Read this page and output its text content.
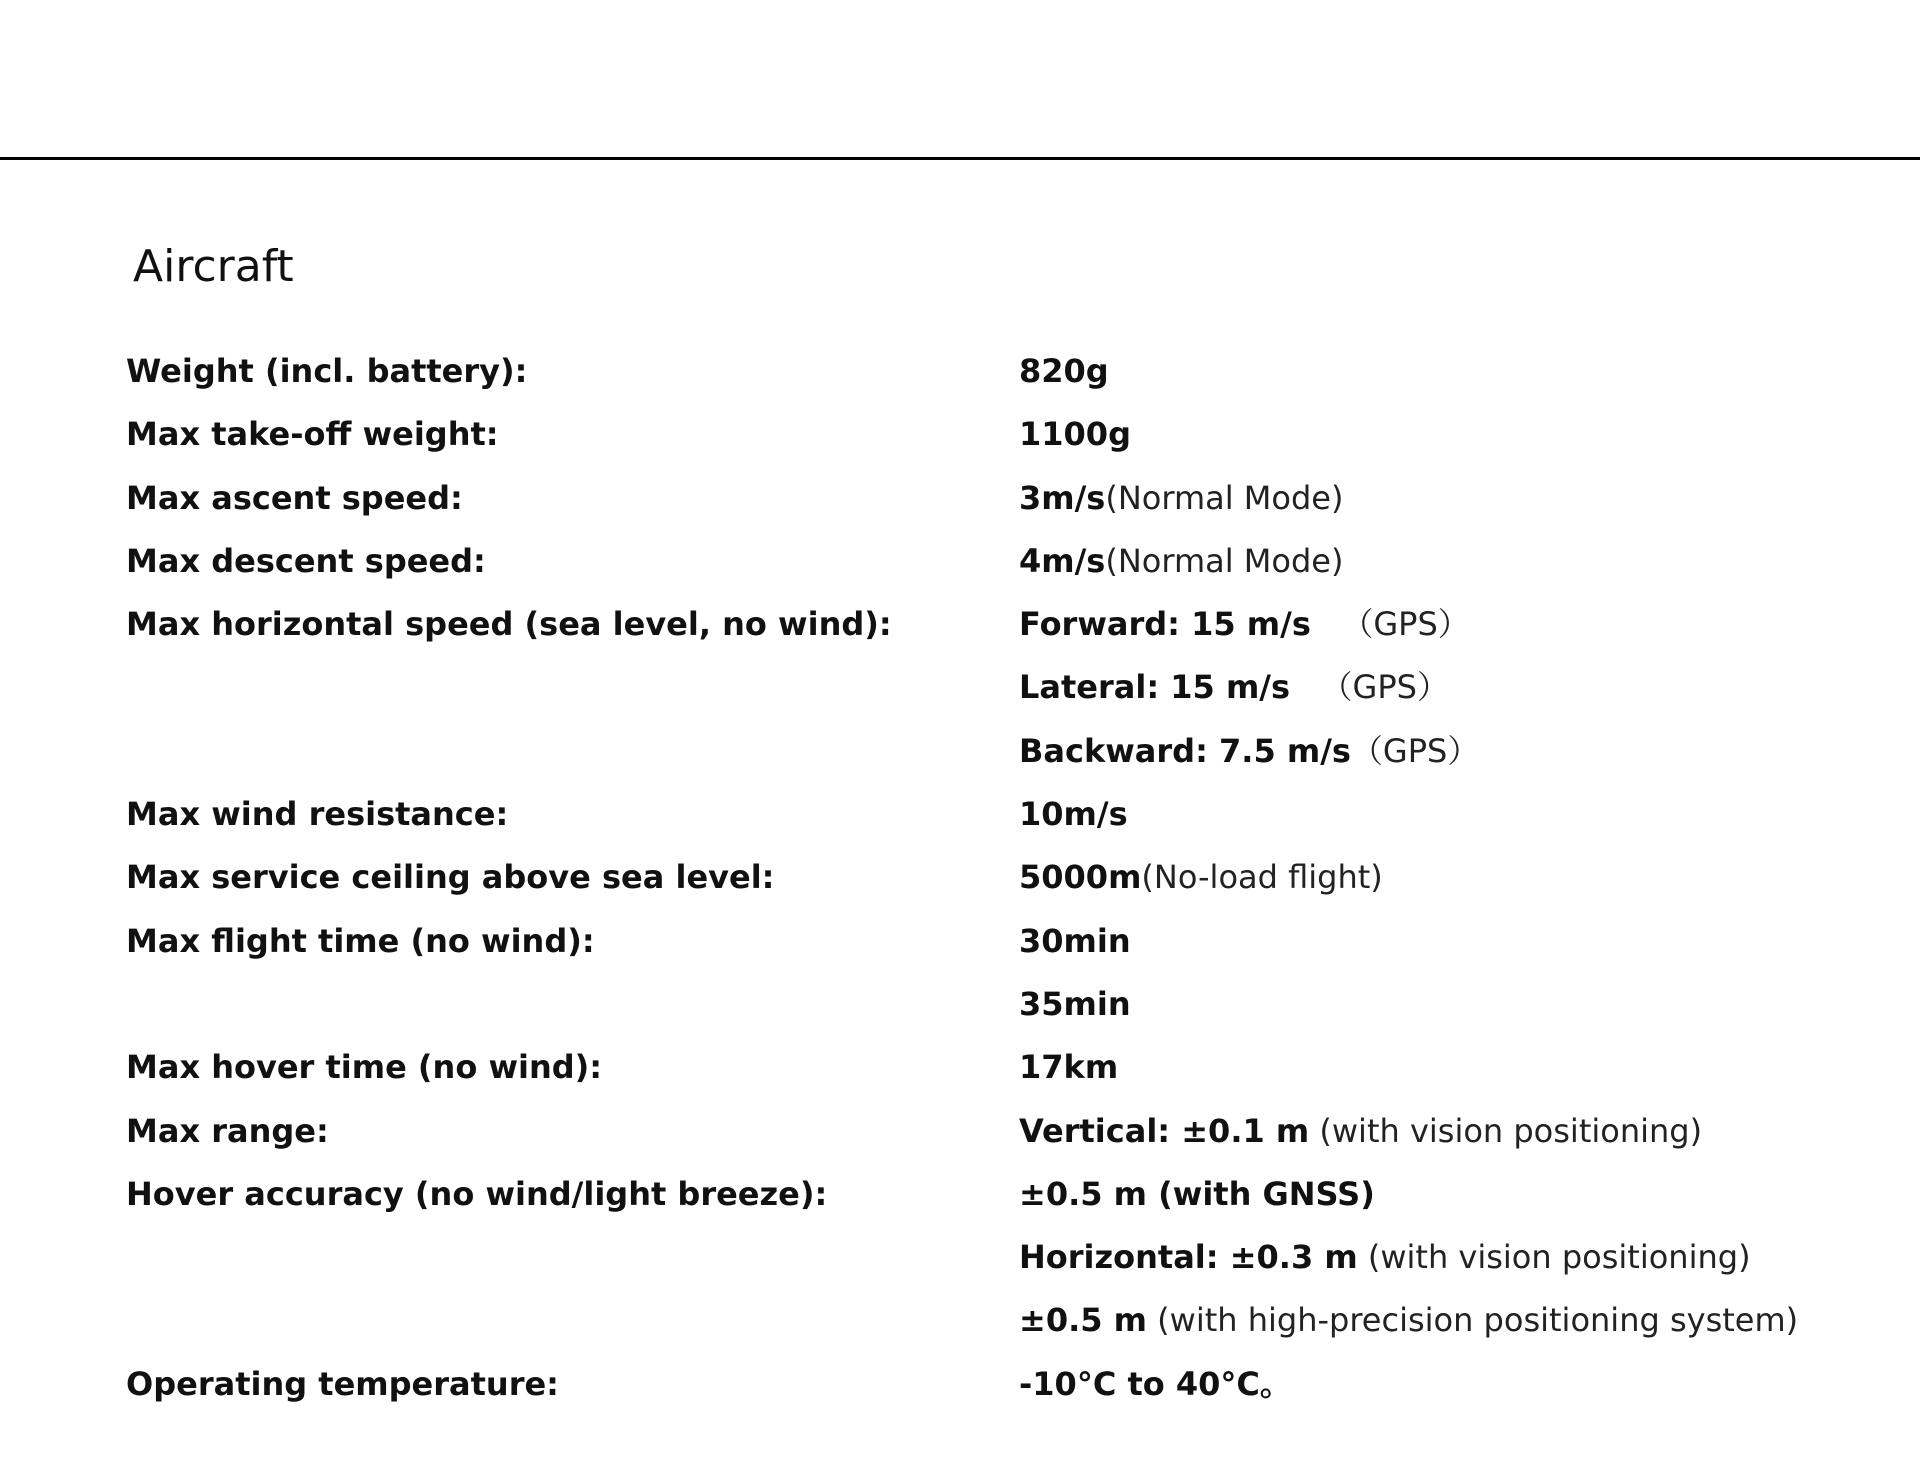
Aircraft
Weight (incl. battery):	820g
Max take-off weight:	1100g
Max ascent speed:	3m/s(Normal Mode)
Max descent speed:	4m/s(Normal Mode)
Max horizontal speed (sea level, no wind):	Forward: 15 m/s   （GPS）
Lateral: 15 m/s   （GPS）
Backward: 7.5 m/s（GPS）
Max wind resistance:	10m/s
Max service ceiling above sea level:	5000m(No-load flight)
Max flight time (no wind):	30min
35min
Max hover time (no wind):	17km
Max range:	Vertical: ±0.1 m (with vision positioning)
Hover accuracy (no wind/light breeze):	±0.5 m (with GNSS)
Horizontal: ±0.3 m (with vision positioning)
±0.5 m (with high-precision positioning system)
Operating temperature:	-10°C to 40°C。
